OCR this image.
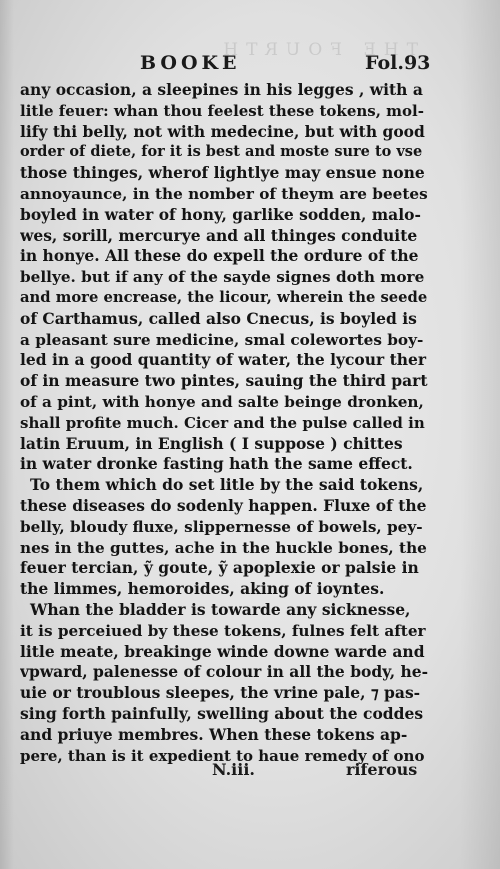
THE FOURTH
BOOKE	Fol.93
any occasion, a sleepines in his legges , with a
litle feuer: whan thou feelest these tokens, mol-
lify thi belly, not with medecine, but with good
order of diete, for it is best and moste sure to vse
those thinges, wherof lightlye may ensue none
annoyaunce, in the nomber of theym are beetes
boyled in water of hony, garlike sodden, malo-
wes, sorill, mercurye and all thinges conduite
in honye. All these do expell the ordure of the
bellye. but if any of the sayde signes doth more
and more encrease, the licour, wherein the seede
of Carthamus, called also Cnecus, is boyled is
a pleasant sure medicine, smal colewortes boy-
led in a good quantity of water, the lycour ther
of in measure two pintes, sauing the third part
of a pint, with honye and salte beinge dronken,
shall profite much. Cicer and the pulse called in
latin Eruum, in English ( I suppose ) chittes
in water dronke fasting hath the same effect.
To them which do set litle by the said tokens,
these diseases do sodenly happen. Fluxe of the
belly, bloudy fluxe, slippernesse of bowels, pey-
nes in the guttes, ache in the huckle bones, the
feuer tercian, ỹ goute, ỹ apoplexie or palsie in
the limmes, hemoroides, aking of ioyntes.
Whan the bladder is towarde any sicknesse,
it is perceiued by these tokens, fulnes felt after
litle meate, breakinge winde downe warde and
vpward, palenesse of colour in all the body, he-
uie or troublous sleepes, the vrine pale, ⁊ pas-
sing forth painfully, swelling about the coddes
and priuye membres. When these tokens ap-
pere, than is it expedient to haue remedy of ono
N.iii.	riferous
